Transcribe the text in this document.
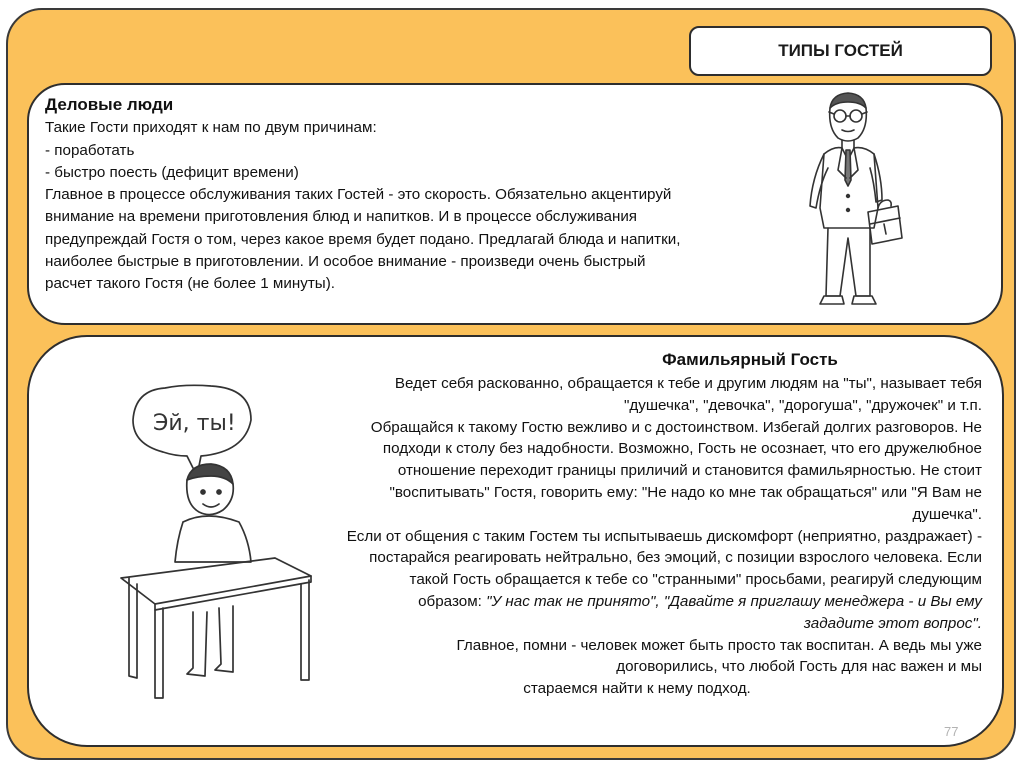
ТИПЫ ГОСТЕЙ

Деловые люди

Такие Гости приходят к нам по двум причинам:

- поработать

- быстро поесть (дефицит времени)

Главное в процессе обслуживания таких Гостей - это скорость. Обязательно акцентируй

внимание на времени приготовления блюд и напитков. И в процессе обслуживания

предупреждай Гостя о том, через какое время будет подано. Предлагай блюда и напитки,

наиболее быстрые в приготовлении. И особое внимание - произведи очень быстрый

расчет такого Гостя (не более 1 минуты).

Эй, ты!
Фамильярный Гость

Ведет себя раскованно, обращается к тебе и другим людям на "ты", называет тебя

"душечка", "девочка", "дорогуша", "дружочек" и т.п.

Обращайся к такому Гостю вежливо и с достоинством. Избегай долгих разговоров. Не

подходи к столу без надобности. Возможно, Гость не осознает, что его дружелюбное

отношение переходит границы приличий и становится фамильярностью. Не стоит

"воспитывать" Гостя, говорить ему: "Не надо ко мне так обращаться" или "Я Вам не

душечка".

Если от общения с таким Гостем ты испытываешь дискомфорт (неприятно, раздражает) -

постарайся реагировать нейтрально, без эмоций, с позиции взрослого человека. Если

такой Гость обращается к тебе со "странными" просьбами, реагируй следующим

образом: "У нас так не принято", "Давайте я приглашу менеджера - и Вы ему

зададите этот вопрос".

Главное, помни - человек может быть просто так воспитан. А ведь мы уже

договорились, что любой Гость для нас важен и мы

стараемся найти к нему подход.

77
